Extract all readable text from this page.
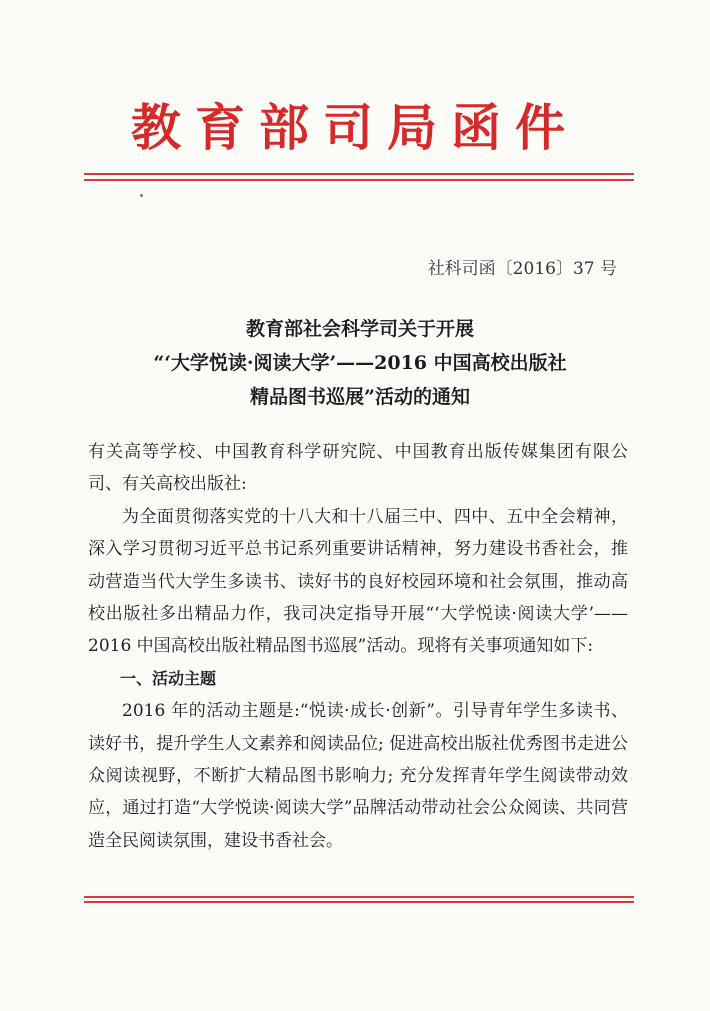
教育部司局函件
社科司函〔2016〕37 号
教育部社会科学司关于开展
“‘大学悦读·阅读大学’——2016 中国高校出版社
精品图书巡展”活动的通知

有关高等学校、中国教育科学研究院、中国教育出版传媒集团有限公司、有关高校出版社:

为全面贯彻落实党的十八大和十八届三中、四中、五中全会精神，深入学习贯彻习近平总书记系列重要讲话精神，努力建设书香社会，推动营造当代大学生多读书、读好书的良好校园环境和社会氛围，推动高校出版社多出精品力作，我司决定指导开展“‘大学悦读·阅读大学’——2016 中国高校出版社精品图书巡展”活动。现将有关事项通知如下:

一、活动主题

2016 年的活动主题是:“悦读·成长·创新”。引导青年学生多读书、读好书，提升学生人文素养和阅读品位; 促进高校出版社优秀图书走进公众阅读视野，不断扩大精品图书影响力; 充分发挥青年学生阅读带动效应，通过打造“大学悦读·阅读大学”品牌活动带动社会公众阅读、共同营造全民阅读氛围，建设书香社会。
